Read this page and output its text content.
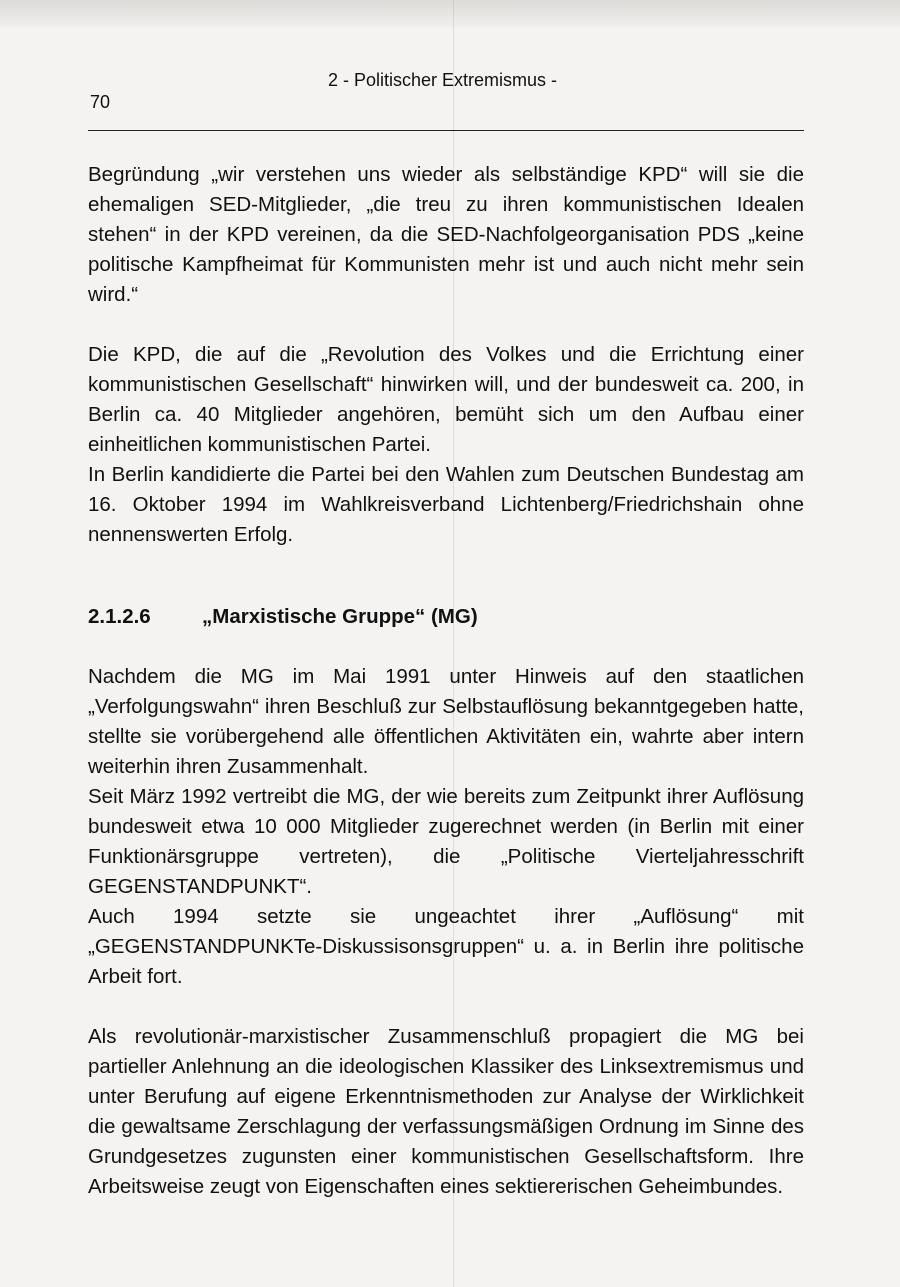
2 - Politischer Extremismus -
70

Begründung „wir verstehen uns wieder als selbständige KPD“ will sie die ehemaligen SED-Mitglieder, „die treu zu ihren kommunistischen Idealen stehen“ in der KPD vereinen, da die SED-Nachfolgeorganisation PDS „keine politische Kampfheimat für Kommunisten mehr ist und auch nicht mehr sein wird.“

Die KPD, die auf die „Revolution des Volkes und die Errichtung einer kommunistischen Gesellschaft“ hinwirken will, und der bundesweit ca. 200, in Berlin ca. 40 Mitglieder angehören, bemüht sich um den Aufbau einer einheitlichen kommunistischen Partei.

In Berlin kandidierte die Partei bei den Wahlen zum Deutschen Bundestag am 16. Oktober 1994 im Wahlkreisverband Lichtenberg/Friedrichshain ohne nennenswerten Erfolg.

2.1.2.6	„Marxistische Gruppe“ (MG)

Nachdem die MG im Mai 1991 unter Hinweis auf den staatlichen „Verfolgungswahn“ ihren Beschluß zur Selbstauflösung bekanntgegeben hatte, stellte sie vorübergehend alle öffentlichen Aktivitäten ein, wahrte aber intern weiterhin ihren Zusammenhalt.

Seit März 1992 vertreibt die MG, der wie bereits zum Zeitpunkt ihrer Auflösung bundesweit etwa 10 000 Mitglieder zugerechnet werden (in Berlin mit einer Funktionärsgruppe vertreten), die „Politische Vierteljahresschrift GEGENSTANDPUNKT“.

Auch 1994 setzte sie ungeachtet ihrer „Auflösung“ mit „GEGENSTANDPUNKTe-Diskussisonsgruppen“ u. a. in Berlin ihre politische Arbeit fort.

Als revolutionär-marxistischer Zusammenschluß propagiert die MG bei partieller Anlehnung an die ideologischen Klassiker des Linksextremismus und unter Berufung auf eigene Erkenntnismethoden zur Analyse der Wirklichkeit die gewaltsame Zerschlagung der verfassungsmäßigen Ordnung im Sinne des Grundgesetzes zugunsten einer kommunistischen Gesellschaftsform. Ihre Arbeitsweise zeugt von Eigenschaften eines sektiererischen Geheimbundes.
